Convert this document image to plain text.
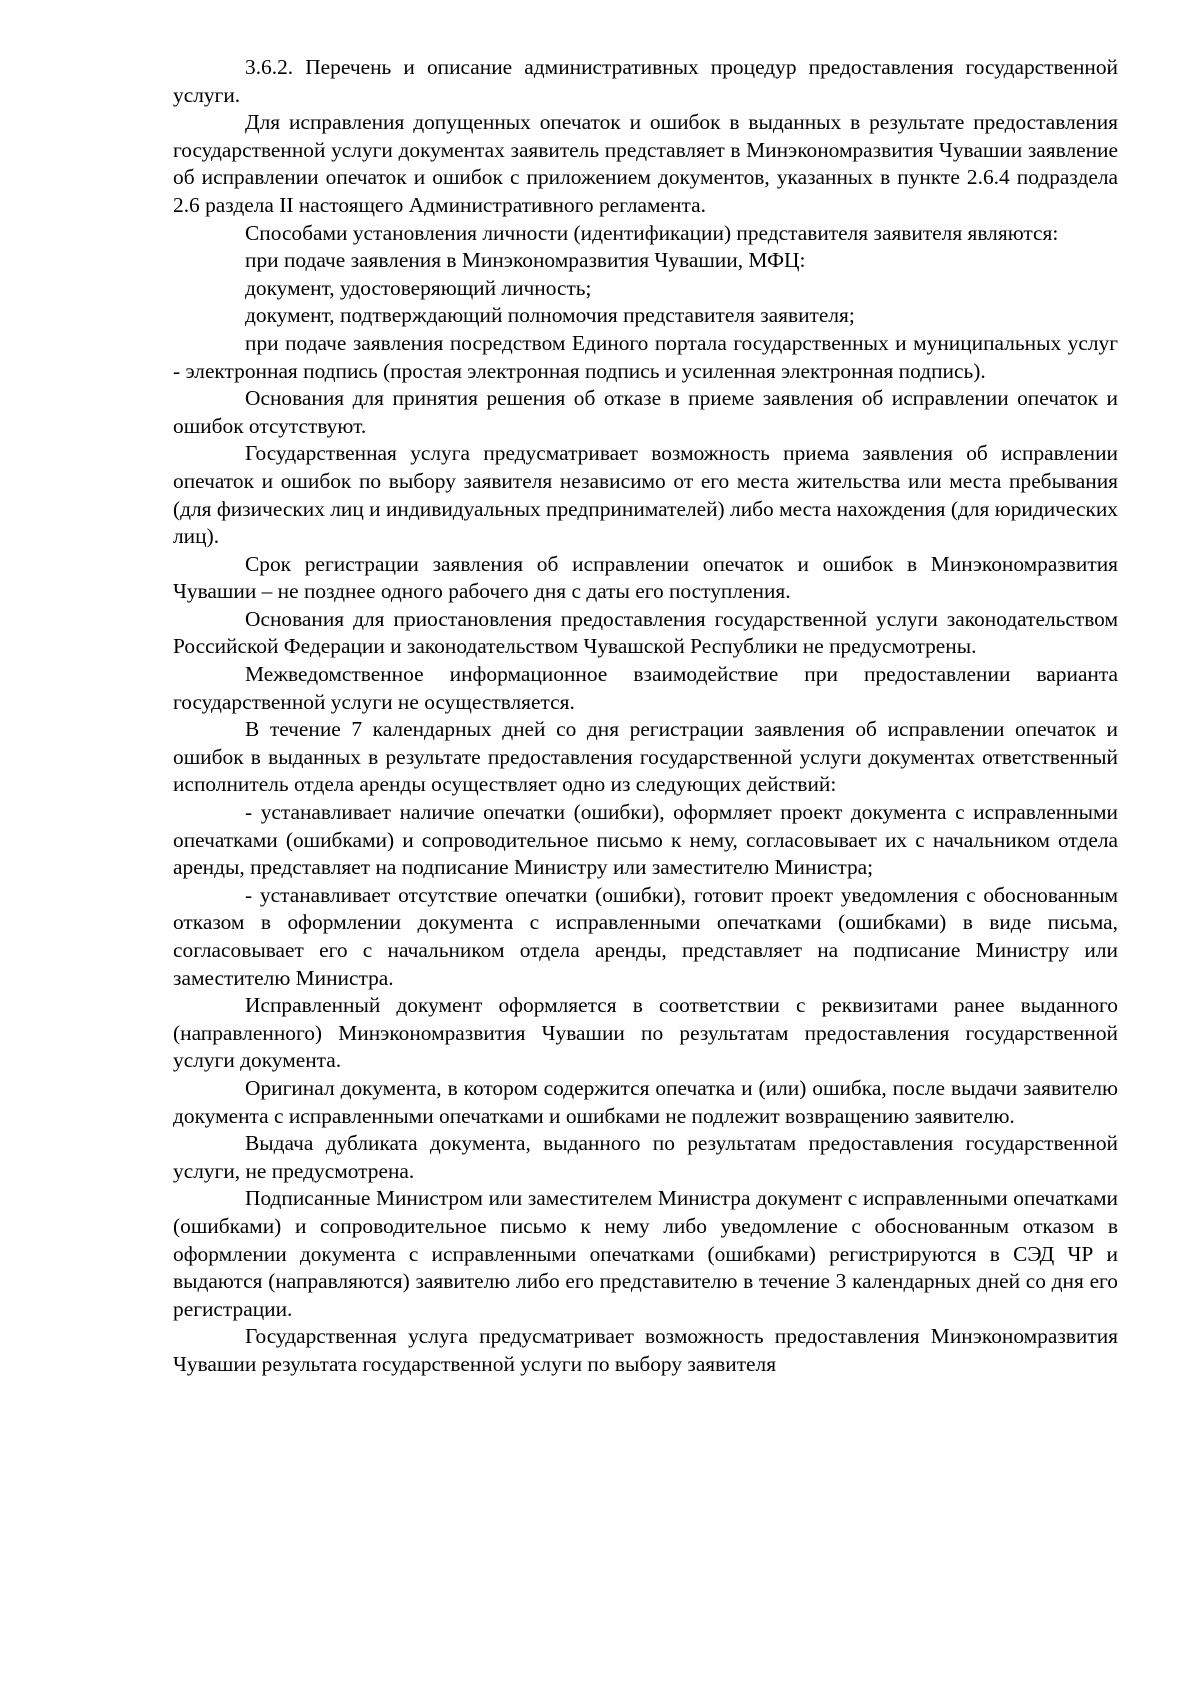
3.6.2. Перечень и описание административных процедур предоставления государственной услуги.

Для исправления допущенных опечаток и ошибок в выданных в результате предоставления государственной услуги документах заявитель представляет в Минэкономразвития Чувашии заявление об исправлении опечаток и ошибок с приложением документов, указанных в пункте 2.6.4 подраздела 2.6 раздела II настоящего Административного регламента.

Способами установления личности (идентификации) представителя заявителя являются:

при подаче заявления в Минэкономразвития Чувашии, МФЦ:

документ, удостоверяющий личность;

документ, подтверждающий полномочия представителя заявителя;

при подаче заявления посредством Единого портала государственных и муниципальных услуг - электронная подпись (простая электронная подпись и усиленная электронная подпись).

Основания для принятия решения об отказе в приеме заявления об исправлении опечаток и ошибок отсутствуют.

Государственная услуга предусматривает возможность приема заявления об исправлении опечаток и ошибок по выбору заявителя независимо от его места жительства или места пребывания (для физических лиц и индивидуальных предпринимателей) либо места нахождения (для юридических лиц).

Срок регистрации заявления об исправлении опечаток и ошибок в Минэкономразвития Чувашии – не позднее одного рабочего дня с даты его поступления.

Основания для приостановления предоставления государственной услуги законодательством Российской Федерации и законодательством Чувашской Республики не предусмотрены.

Межведомственное информационное взаимодействие при предоставлении варианта государственной услуги не осуществляется.

В течение 7 календарных дней со дня регистрации заявления об исправлении опечаток и ошибок в выданных в результате предоставления государственной услуги документах ответственный исполнитель отдела аренды осуществляет одно из следующих действий:

- устанавливает наличие опечатки (ошибки), оформляет проект документа с исправленными опечатками (ошибками) и сопроводительное письмо к нему, согласовывает их с начальником отдела аренды, представляет на подписание Министру или заместителю Министра;

- устанавливает отсутствие опечатки (ошибки), готовит проект уведомления с обоснованным отказом в оформлении документа с исправленными опечатками (ошибками) в виде письма, согласовывает его с начальником отдела аренды, представляет на подписание Министру или заместителю Министра.

Исправленный документ оформляется в соответствии с реквизитами ранее выданного (направленного) Минэкономразвития Чувашии по результатам предоставления государственной услуги документа.

Оригинал документа, в котором содержится опечатка и (или) ошибка, после выдачи заявителю документа с исправленными опечатками и ошибками не подлежит возвращению заявителю.

Выдача дубликата документа, выданного по результатам предоставления государственной услуги, не предусмотрена.

Подписанные Министром или заместителем Министра документ с исправленными опечатками (ошибками) и сопроводительное письмо к нему либо уведомление с обоснованным отказом в оформлении документа с исправленными опечатками (ошибками) регистрируются в СЭД ЧР и выдаются (направляются) заявителю либо его представителю в течение 3 календарных дней со дня его регистрации.

Государственная услуга предусматривает возможность предоставления Минэкономразвития Чувашии результата государственной услуги по выбору заявителя
